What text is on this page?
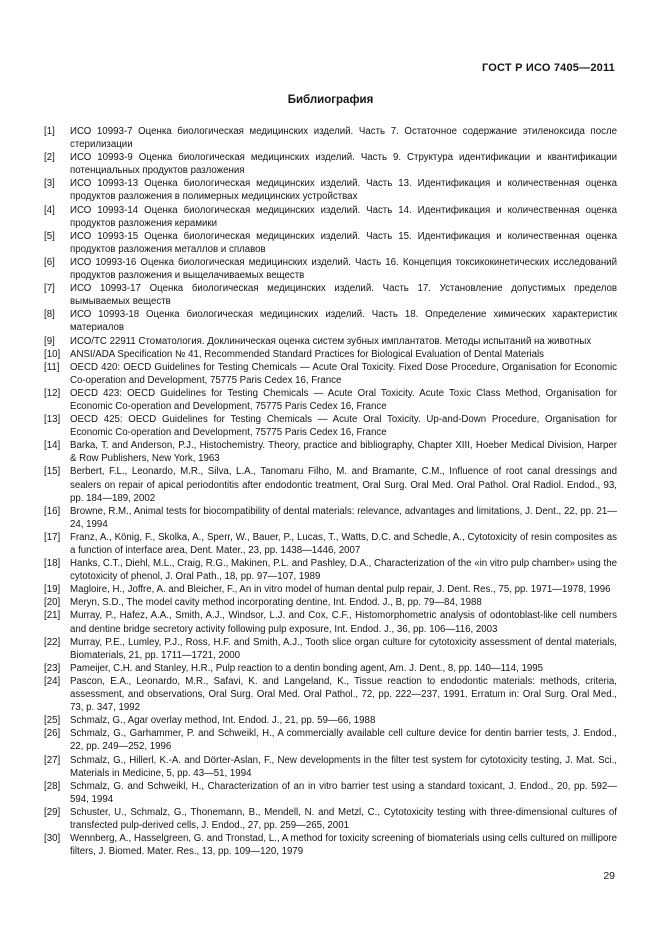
ГОСТ Р ИСО 7405—2011
Библиография
[1]	ИСО 10993-7 Оценка биологическая медицинских изделий. Часть 7. Остаточное содержание этиленоксида после стерилизации
[2]	ИСО 10993-9 Оценка биологическая медицинских изделий. Часть 9. Структура идентификации и квантификации потенциальных продуктов разложения
[3]	ИСО 10993-13 Оценка биологическая медицинских изделий. Часть 13. Идентификация и количественная оценка продуктов разложения в полимерных медицинских устройствах
[4]	ИСО 10993-14 Оценка биологическая медицинских изделий. Часть 14. Идентификация и количественная оценка продуктов разложения керамики
[5]	ИСО 10993-15 Оценка биологическая медицинских изделий. Часть 15. Идентификация и количественная оценка продуктов разложения металлов и сплавов
[6]	ИСО 10993-16 Оценка биологическая медицинских изделий. Часть 16. Концепция токсикокинетических исследований продуктов разложения и выщелачиваемых веществ
[7]	ИСО 10993-17 Оценка биологическая медицинских изделий. Часть 17. Установление допустимых пределов вымываемых веществ
[8]	ИСО 10993-18 Оценка биологическая медицинских изделий. Часть 18. Определение химических характеристик материалов
[9]	ИСО/ТС 22911 Стоматология. Доклиническая оценка систем зубных имплантатов. Методы испытаний на животных
[10]	ANSI/ADA Specification № 41, Recommended Standard Practices for Biological Evaluation of Dental Materials
[11]	OECD 420: OECD Guidelines for Testing Chemicals — Acute Oral Toxicity. Fixed Dose Procedure, Organisation for Economic Co-operation and Development, 75775 Paris Cedex 16, France
[12]	OECD 423: OECD Guidelines for Testing Chemicals — Acute Oral Toxicity. Acute Toxic Class Method, Organisation for Economic Co-operation and Development, 75775 Paris Cedex 16, France
[13]	OECD 425: OECD Guidelines for Testing Chemicals — Acute Oral Toxicity. Up-and-Down Procedure, Organisation for Economic Co-operation and Development, 75775 Paris Cedex 16, France
[14]	Barka, T. and Anderson, P.J., Histochemistry. Theory, practice and bibliography, Chapter XIII, Hoeber Medical Division, Harper & Row Publishers, New York, 1963
[15]	Berbert, F.L., Leonardo, M.R., Silva, L.A., Tanomaru Filho, M. and Bramante, C.M., Influence of root canal dressings and sealers on repair of apical periodontitis after endodontic treatment, Oral Surg. Oral Med. Oral Pathol. Oral Radiol. Endod., 93, pp. 184—189, 2002
[16]	Browne, R.M., Animal tests for biocompatibility of dental materials: relevance, advantages and limitations, J. Dent., 22, pp. 21—24, 1994
[17]	Franz, A., König, F., Skolka, A., Sperr, W., Bauer, P., Lucas, T., Watts, D.C. and Schedle, A., Cytotoxicity of resin composites as a function of interface area, Dent. Mater., 23, pp. 1438—1446, 2007
[18]	Hanks, C.T., Diehl, M.L., Craig, R.G., Makinen, P.L. and Pashley, D.A., Characterization of the «in vitro pulp chamber» using the cytotoxicity of phenol, J. Oral Path., 18, pp. 97—107, 1989
[19]	Magloire, H., Joffre, A. and Bleicher, F., An in vitro model of human dental pulp repair, J. Dent. Res., 75, pp. 1971—1978, 1996
[20]	Meryn, S.D., The model cavity method incorporating dentine, Int. Endod. J., B, pp. 79—84, 1988
[21]	Murray, P., Hafez, A.A., Smith, A.J., Windsor, L.J. and Cox, C.F., Histomorphometric analysis of odontoblast-like cell numbers and dentine bridge secretory activity following pulp exposure, Int. Endod. J., 36, pp. 106—116, 2003
[22]	Murray, P.E., Lumley, P.J., Ross, H.F. and Smith, A.J., Tooth slice organ culture for cytotoxicity assessment of dental materials, Biomaterials, 21, pp. 1711—1721, 2000
[23]	Pameijer, C.H. and Stanley, H.R., Pulp reaction to a dentin bonding agent, Am. J. Dent., 8, pp. 140—114, 1995
[24]	Pascon, E.A., Leonardo, M.R., Safavi, K. and Langeland, K., Tissue reaction to endodontic materials: methods, criteria, assessment, and observations, Oral Surg. Oral Med. Oral Pathol., 72, pp. 222—237, 1991. Erratum in: Oral Surg. Oral Med., 73, p. 347, 1992
[25]	Schmalz, G., Agar overlay method, Int. Endod. J., 21, pp. 59—66, 1988
[26]	Schmalz, G., Garhammer, P. and Schweikl, H., A commercially available cell culture device for dentin barrier tests, J. Endod., 22, pp. 249—252, 1996
[27]	Schmalz, G., Hillerl, K.-A. and Dörter-Aslan, F., New developments in the filter test system for cytotoxicity testing, J. Mat. Sci., Materials in Medicine, 5, pp. 43—51, 1994
[28]	Schmalz, G. and Schweikl, H., Characterization of an in vitro barrier test using a standard toxicant, J. Endod., 20, pp. 592—594, 1994
[29]	Schuster, U., Schmalz, G., Thonemann, B., Mendell, N. and Metzl, C., Cytotoxicity testing with three-dimensional cultures of transfected pulp-derived cells, J. Endod., 27, pp. 259—265, 2001
[30]	Wennberg, A., Hasselgreen, G. and Tronstad, L., A method for toxicity screening of biomaterials using cells cultured on millipore filters, J. Biomed. Mater. Res., 13, pp. 109—120, 1979
29
